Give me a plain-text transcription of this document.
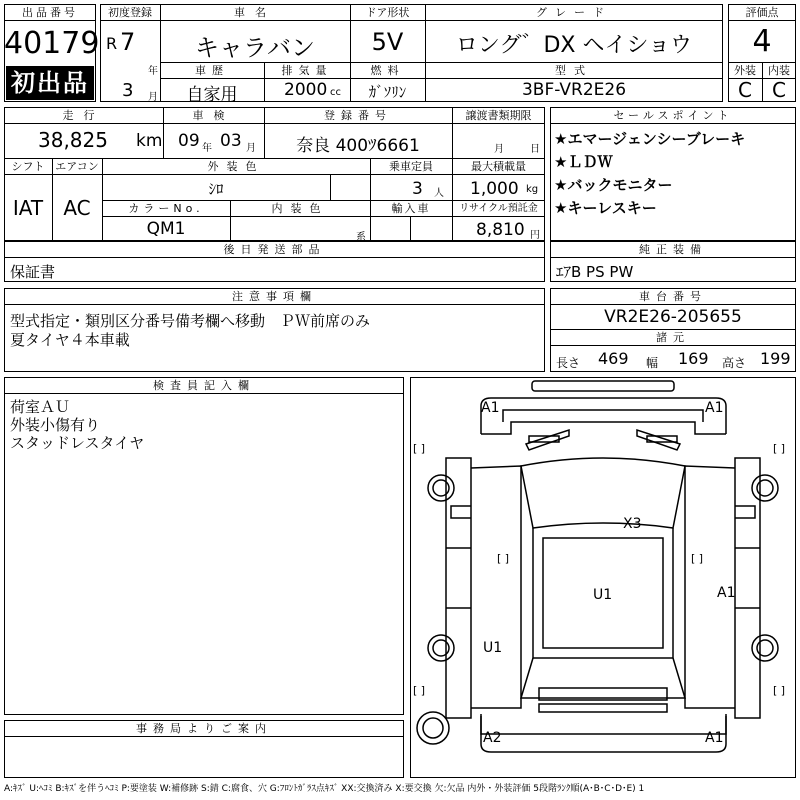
出品番号
40179
初出品
初度登録
R 7
年
3 月
車名
キャラバン
ドア形状
5V
グレード
ロング゛DX ヘイショウ
車歴
自家用
排気量
2000 cc
燃料
ｶﾞｿﾘﾝ
型式
3BF-VR2E26
評価点
4
外装	内装
C	C
走行
38,825 km
車検
09 年 03 月
登録番号
奈良 400ﾂ6661
譲渡書類期限
月	日
シフト
IAT
エアコン
AC
外装色
ｼﾛ
乗車定員
3 人
最大積載量
1,000 kg
カラーNo.
QM1
内装色
系
輸入車	リサイクル預託金
8,810 円
セールスポイント
★エマージェンシーブレーキ
★ＬＤＷ
★バックモニター
★キーレスキー
後日発送部品
保証書
純正装備
ｴｱB PS PW
注意事項欄
型式指定・類別区分番号備考欄へ移動　ＰＷ前席のみ
夏タイヤ４本車載
車台番号
VR2E26-205655
諸元
長さ 469 幅 169 高さ 199
検査員記入欄
荷室ＡＵ
外装小傷有り
スタッドレスタイヤ
事務局よりご案内
A1	A1
X3
U1	A1
U1
A2	A1
[ ]	[ ]
[ ]	[ ]
[ ]	[ ]
A:ｷｽﾞ U:ﾍｺﾐ B:ｷｽﾞを伴うﾍｺﾐ P:要塗装 W:補修跡 S:錆 C:腐食、穴 G:ﾌﾛﾝﾄｶﾞﾗｽ点ｷｽﾞ XX:交換済み X:要交換 欠:欠品 内外・外装評価 5段階ﾗﾝｸ順(A･B･C･D･E) 1
